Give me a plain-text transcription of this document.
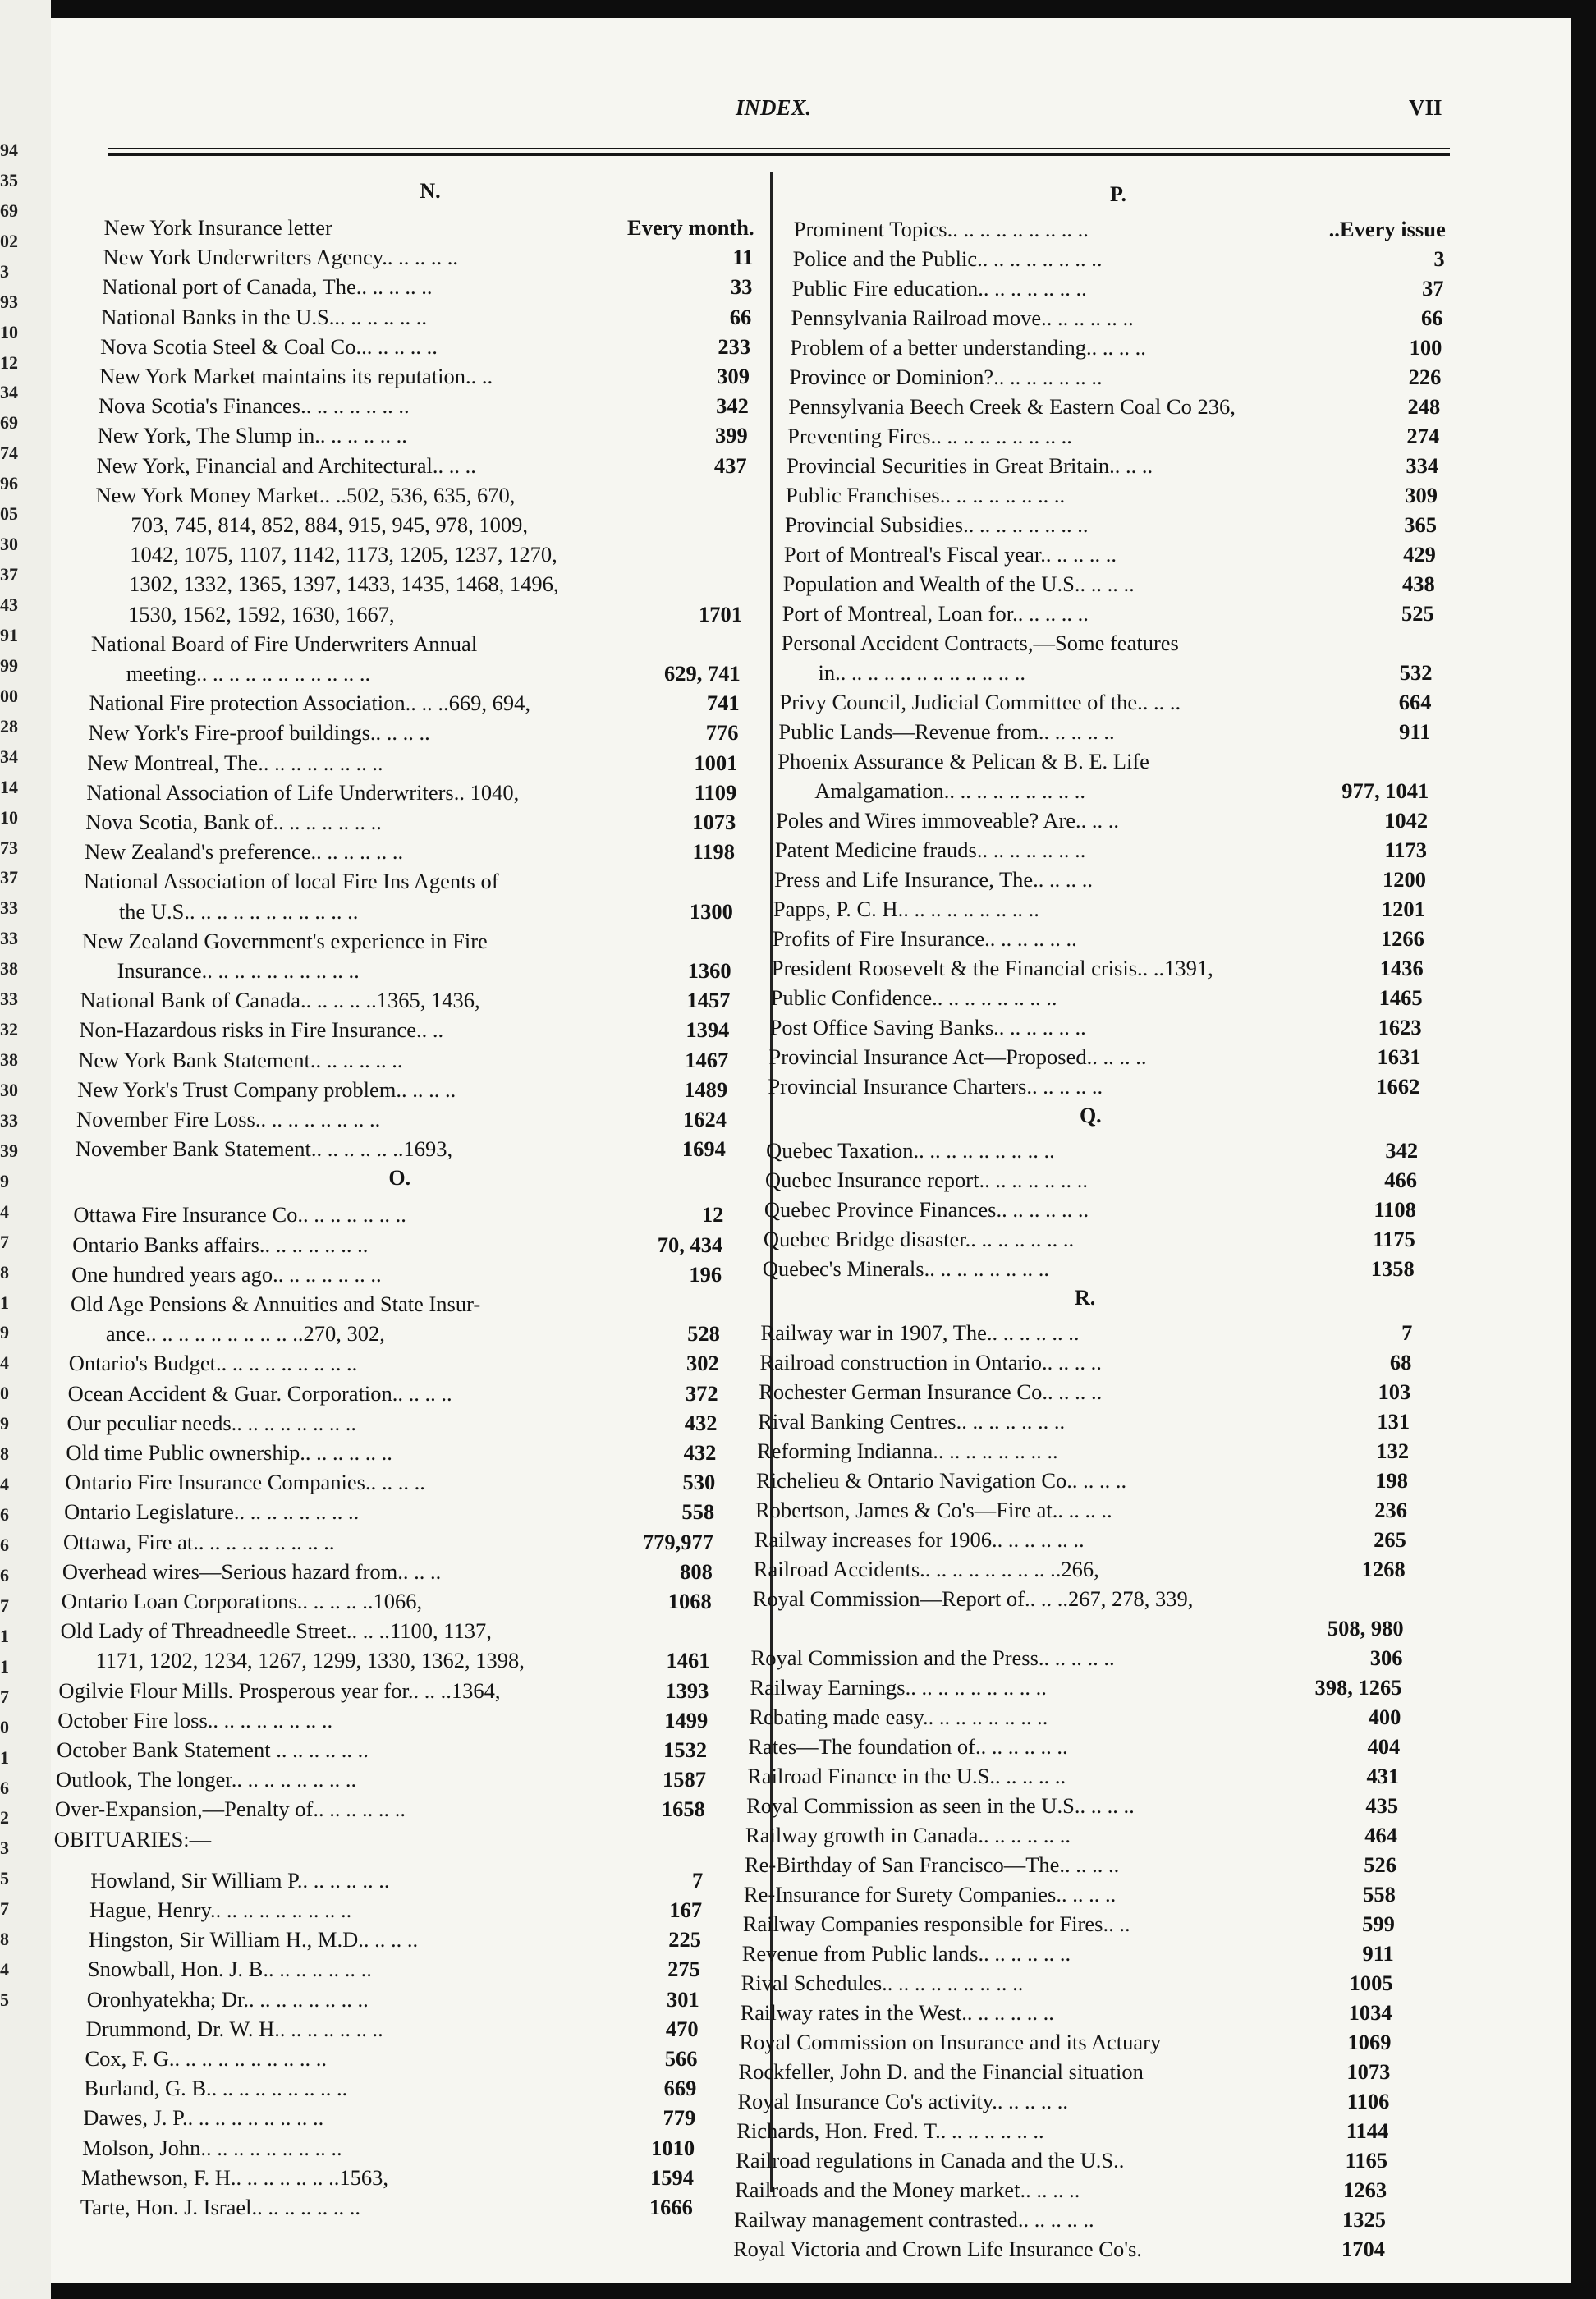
94
35
69
02
3
93
10
12
34
69
74
96
05
30
37
43
91
99
00
28
34
14
10
73
37
33
33
38
33
32
38
30
33
39
9
4
7
8
1
9
4
0
9
8
4
6
6
6
7
1
1
7
0
1
6
2
3
5
7
8
4
5
INDEX.	VII
N.
New York Insurance letter	Every month.
New York Underwriters Agency.. .. .. .. ..	11
National port of Canada, The.. .. .. .. ..	33
National Banks in the U.S... .. .. .. .. ..	66
Nova Scotia Steel & Coal Co... .. .. .. ..	233
New York Market maintains its reputation.. ..	309
Nova Scotia's Finances.. .. .. .. .. .. ..	342
New York, The Slump in.. .. .. .. .. ..	399
New York, Financial and Architectural.. .. ..	437
New York Money Market.. ..502, 536, 635, 670,
703, 745, 814, 852, 884, 915, 945, 978, 1009,
1042, 1075, 1107, 1142, 1173, 1205, 1237, 1270,
1302, 1332, 1365, 1397, 1433, 1435, 1468, 1496,
1530, 1562, 1592, 1630, 1667,	1701
National Board of Fire Underwriters Annual
meeting.. .. .. .. .. .. .. .. .. .. ..	629, 741
National Fire protection Association.. .. ..669, 694,	741
New York's Fire-proof buildings.. .. .. ..	776
New Montreal, The.. .. .. .. .. .. .. ..	1001
National Association of Life Underwriters.. 1040,	1109
Nova Scotia, Bank of.. .. .. .. .. .. ..	1073
New Zealand's preference.. .. .. .. .. ..	1198
National Association of local Fire Ins Agents of
the U.S.. .. .. .. .. .. .. .. .. .. ..	1300
New Zealand Government's experience in Fire
Insurance.. .. .. .. .. .. .. .. .. ..	1360
National Bank of Canada.. .. .. .. ..1365, 1436,	1457
Non-Hazardous risks in Fire Insurance.. ..	1394
New York Bank Statement.. .. .. .. .. ..	1467
New York's Trust Company problem.. .. .. ..	1489
November Fire Loss.. .. .. .. .. .. .. ..	1624
November Bank Statement.. .. .. .. .. ..1693,	1694
O.
Ottawa Fire Insurance Co.. .. .. .. .. .. ..	12
Ontario Banks affairs.. .. .. .. .. .. ..	70, 434
One hundred years ago.. .. .. .. .. .. ..	196
Old Age Pensions & Annuities and State Insur-
ance.. .. .. .. .. .. .. .. .. ..270, 302,	528
Ontario's Budget.. .. .. .. .. .. .. .. ..	302
Ocean Accident & Guar. Corporation.. .. .. ..	372
Our peculiar needs.. .. .. .. .. .. .. ..	432
Old time Public ownership.. .. .. .. .. ..	432
Ontario Fire Insurance Companies.. .. .. ..	530
Ontario Legislature.. .. .. .. .. .. .. ..	558
Ottawa, Fire at.. .. .. .. .. .. .. .. ..	779,977
Overhead wires—Serious hazard from.. .. ..	808
Ontario Loan Corporations.. .. .. .. ..1066,	1068
Old Lady of Threadneedle Street.. .. ..1100, 1137,
1171, 1202, 1234, 1267, 1299, 1330, 1362, 1398,	1461
Ogilvie Flour Mills. Prosperous year for.. .. ..1364,	1393
October Fire loss.. .. .. .. .. .. .. ..	1499
October Bank Statement .. .. .. .. .. ..	1532
Outlook, The longer.. .. .. .. .. .. .. ..	1587
Over-Expansion,—Penalty of.. .. .. .. .. ..	1658
OBITUARIES:—
Howland, Sir William P.. .. .. .. .. ..	7
Hague, Henry.. .. .. .. .. .. .. .. ..	167
Hingston, Sir William H., M.D.. .. .. ..	225
Snowball, Hon. J. B.. .. .. .. .. .. ..	275
Oronhyatekha; Dr.. .. .. .. .. .. .. ..	301
Drummond, Dr. W. H.. .. .. .. .. .. ..	470
Cox, F. G.. .. .. .. .. .. .. .. .. ..	566
Burland, G. B.. .. .. .. .. .. .. .. ..	669
Dawes, J. P.. .. .. .. .. .. .. .. ..	779
Molson, John.. .. .. .. .. .. .. .. ..	1010
Mathewson, F. H.. .. .. .. .. .. ..1563,	1594
Tarte, Hon. J. Israel.. .. .. .. .. .. ..	1666
P.
Prominent Topics.. .. .. .. .. .. .. .. ..	..Every issue
Police and the Public.. .. .. .. .. .. .. ..	3
Public Fire education.. .. .. .. .. .. ..	37
Pennsylvania Railroad move.. .. .. .. .. ..	66
Problem of a better understanding.. .. .. ..	100
Province or Dominion?.. .. .. .. .. .. ..	226
Pennsylvania Beech Creek & Eastern Coal Co 236,	248
Preventing Fires.. .. .. .. .. .. .. .. ..	274
Provincial Securities in Great Britain.. .. ..	334
Public Franchises.. .. .. .. .. .. .. ..	309
Provincial Subsidies.. .. .. .. .. .. .. ..	365
Port of Montreal's Fiscal year.. .. .. .. ..	429
Population and Wealth of the U.S.. .. .. ..	438
Port of Montreal, Loan for.. .. .. .. ..	525
Personal Accident Contracts,—Some features
in.. .. .. .. .. .. .. .. .. .. .. ..	532
Privy Council, Judicial Committee of the.. .. ..	664
Public Lands—Revenue from.. .. .. .. ..	911
Phoenix Assurance & Pelican & B. E. Life
Amalgamation.. .. .. .. .. .. .. .. ..	977, 1041
Poles and Wires immoveable? Are.. .. ..	1042
Patent Medicine frauds.. .. .. .. .. .. ..	1173
Press and Life Insurance, The.. .. .. ..	1200
Papps, P. C. H.. .. .. .. .. .. .. .. ..	1201
Profits of Fire Insurance.. .. .. .. .. ..	1266
President Roosevelt & the Financial crisis.. ..1391,	1436
Public Confidence.. .. .. .. .. .. .. ..	1465
Post Office Saving Banks.. .. .. .. .. ..	1623
Provincial Insurance Act—Proposed.. .. .. ..	1631
Provincial Insurance Charters.. .. .. .. ..	1662
Q.
Quebec Taxation.. .. .. .. .. .. .. .. ..	342
Quebec Insurance report.. .. .. .. .. .. ..	466
Quebec Province Finances.. .. .. .. .. ..	1108
Quebec Bridge disaster.. .. .. .. .. .. ..	1175
Quebec's Minerals.. .. .. .. .. .. .. ..	1358
R.
Railway war in 1907, The.. .. .. .. .. ..	7
Railroad construction in Ontario.. .. .. ..	68
Rochester German Insurance Co.. .. .. ..	103
Rival Banking Centres.. .. .. .. .. .. ..	131
Reforming Indianna.. .. .. .. .. .. .. ..	132
Richelieu & Ontario Navigation Co.. .. .. ..	198
Robertson, James & Co's—Fire at.. .. .. ..	236
Railway increases for 1906.. .. .. .. .. ..	265
Railroad Accidents.. .. .. .. .. .. .. .. ..266,	1268
Royal Commission—Report of.. .. ..267, 278, 339,
508, 980
Royal Commission and the Press.. .. .. .. ..	306
Railway Earnings.. .. .. .. .. .. .. .. ..	398, 1265
Rebating made easy.. .. .. .. .. .. .. ..	400
Rates—The foundation of.. .. .. .. .. ..	404
Railroad Finance in the U.S.. .. .. .. ..	431
Royal Commission as seen in the U.S.. .. .. ..	435
Railway growth in Canada.. .. .. .. .. ..	464
Re-Birthday of San Francisco—The.. .. .. ..	526
Re-Insurance for Surety Companies.. .. .. ..	558
Railway Companies responsible for Fires.. ..	599
Revenue from Public lands.. .. .. .. .. ..	911
Rival Schedules.. .. .. .. .. .. .. .. ..	1005
Railway rates in the West.. .. .. .. .. ..	1034
Royal Commission on Insurance and its Actuary	1069
Rockfeller, John D. and the Financial situation	1073
Royal Insurance Co's activity.. .. .. .. ..	1106
Richards, Hon. Fred. T.. .. .. .. .. .. ..	1144
Railroad regulations in Canada and the U.S..	1165
Railroads and the Money market.. .. .. ..	1263
Railway management contrasted.. .. .. .. ..	1325
Royal Victoria and Crown Life Insurance Co's.	1704
